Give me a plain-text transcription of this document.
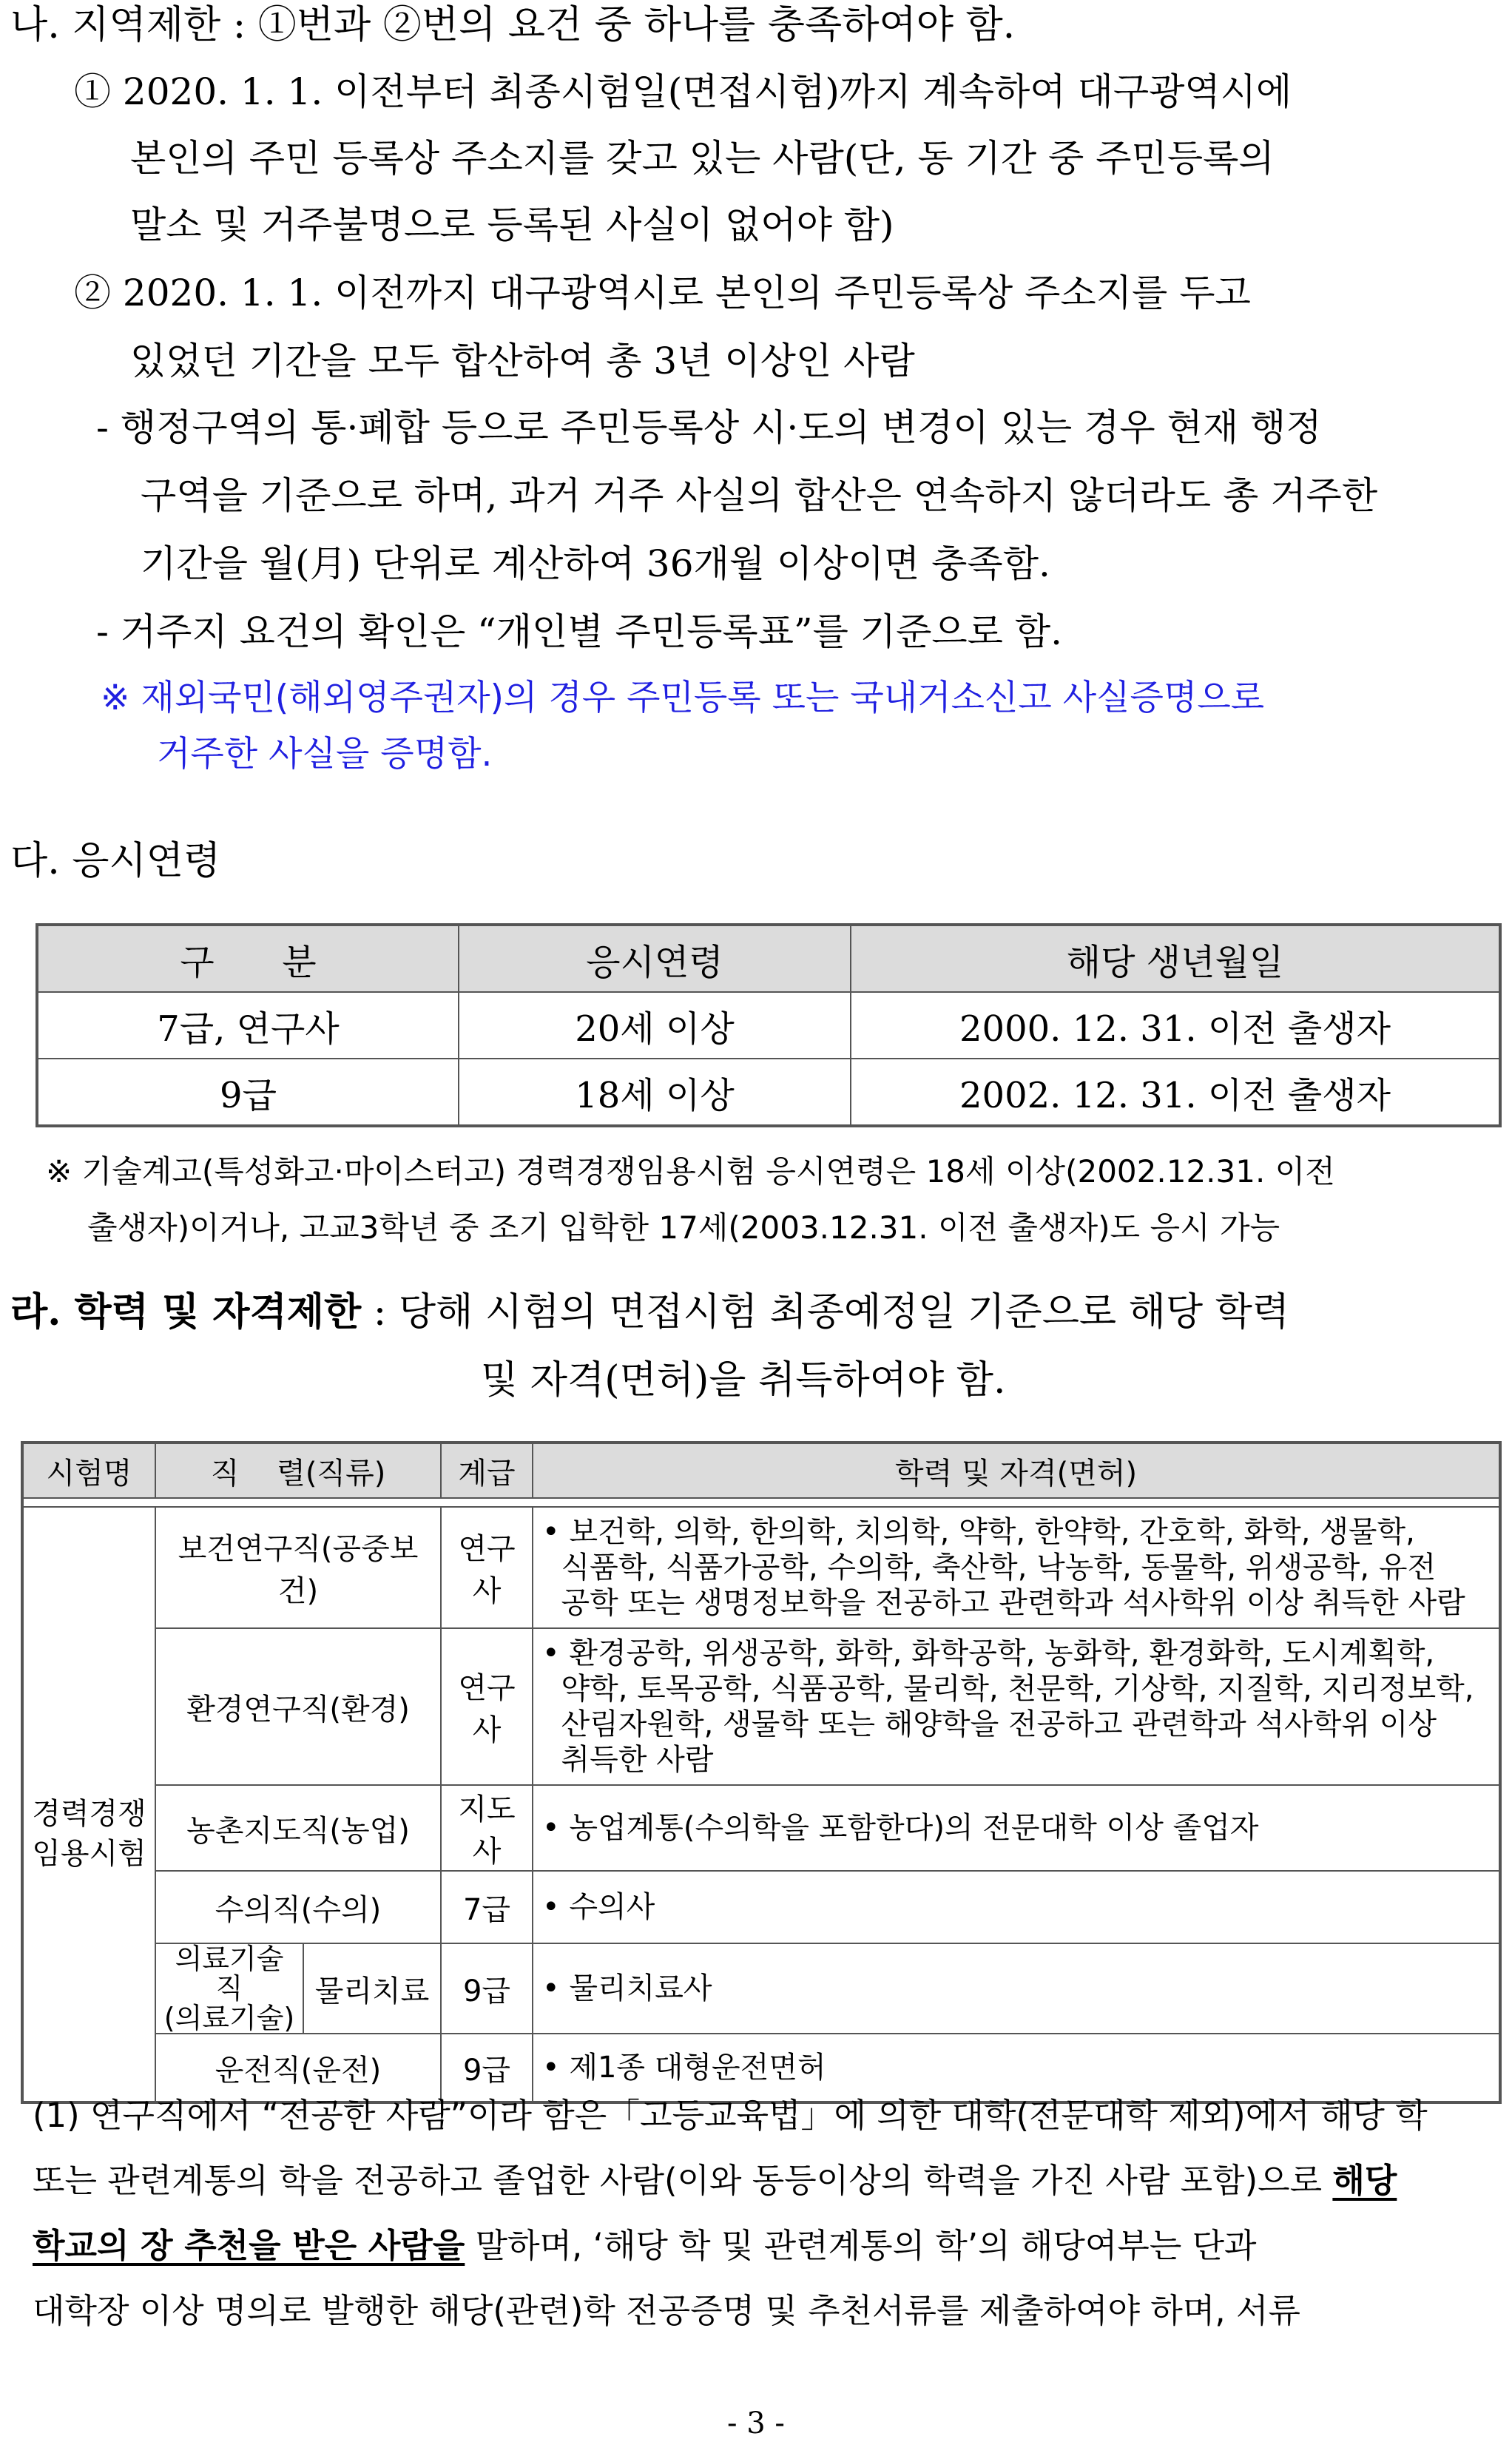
나. 지역제한 : ①번과 ②번의 요건 중 하나를 충족하여야 함.
① 2020. 1. 1. 이전부터 최종시험일(면접시험)까지 계속하여 대구광역시에
본인의 주민 등록상 주소지를 갖고 있는 사람(단, 동 기간 중 주민등록의
말소 및 거주불명으로 등록된 사실이 없어야 함)
② 2020. 1. 1. 이전까지 대구광역시로 본인의 주민등록상 주소지를 두고
있었던 기간을 모두 합산하여 총 3년 이상인 사람
- 행정구역의 통·폐합 등으로 주민등록상 시·도의 변경이 있는 경우 현재 행정
구역을 기준으로 하며, 과거 거주 사실의 합산은 연속하지 않더라도 총 거주한
기간을 월(月) 단위로 계산하여 36개월 이상이면 충족함.
- 거주지 요건의 확인은 “개인별 주민등록표”를 기준으로 함.
※ 재외국민(해외영주권자)의 경우 주민등록 또는 국내거소신고 사실증명으로
거주한 사실을 증명함.
다. 응시연령
구      분	응시연령	해당 생년월일
7급, 연구사	20세 이상	2000. 12. 31. 이전 출생자
9급	18세 이상	2002. 12. 31. 이전 출생자
※ 기술계고(특성화고·마이스터고) 경력경쟁임용시험 응시연령은 18세 이상(2002.12.31. 이전
출생자)이거나, 고교3학년 중 조기 입학한 17세(2003.12.31. 이전 출생자)도 응시 가능
라. 학력 및 자격제한 : 당해 시험의 면접시험 최종예정일 기준으로 해당 학력
및 자격(면허)을 취득하여야 함.
시험명	직    렬(직류)		계급	학력 및 자격(면허)

경력경쟁
임용시험	보건연구직(공중보건)		연구사	• 보건학, 의학, 한의학, 치의학, 약학, 한약학, 간호학, 화학, 생물학,
식품학, 식품가공학, 수의학, 축산학, 낙농학, 동물학, 위생공학, 유전
공학 또는 생명정보학을 전공하고 관련학과 석사학위 이상 취득한 사람
	환경연구직(환경)		연구사	• 환경공학, 위생공학, 화학, 화학공학, 농화학, 환경화학, 도시계획학,
약학, 토목공학, 식품공학, 물리학, 천문학, 기상학, 지질학, 지리정보학,
산림자원학, 생물학 또는 해양학을 전공하고 관련학과 석사학위 이상
취득한 사람
	농촌지도직(농업)		지도사	• 농업계통(수의학을 포함한다)의 전문대학 이상 졸업자
	수의직(수의)		7급	• 수의사
	의료기술직
(의료기술)	물리치료	9급	• 물리치료사
	운전직(운전)		9급	• 제1종 대형운전면허
(1) 연구직에서 “전공한 사람”이라 함은「고등교육법」에 의한 대학(전문대학 제외)에서 해당 학
또는 관련계통의 학을 전공하고 졸업한 사람(이와 동등이상의 학력을 가진 사람 포함)으로 해당
학교의 장 추천을 받은 사람을 말하며, ‘해당 학 및 관련계통의 학’의 해당여부는 단과
대학장 이상 명의로 발행한 해당(관련)학 전공증명 및 추천서류를 제출하여야 하며, 서류
- 3 -
